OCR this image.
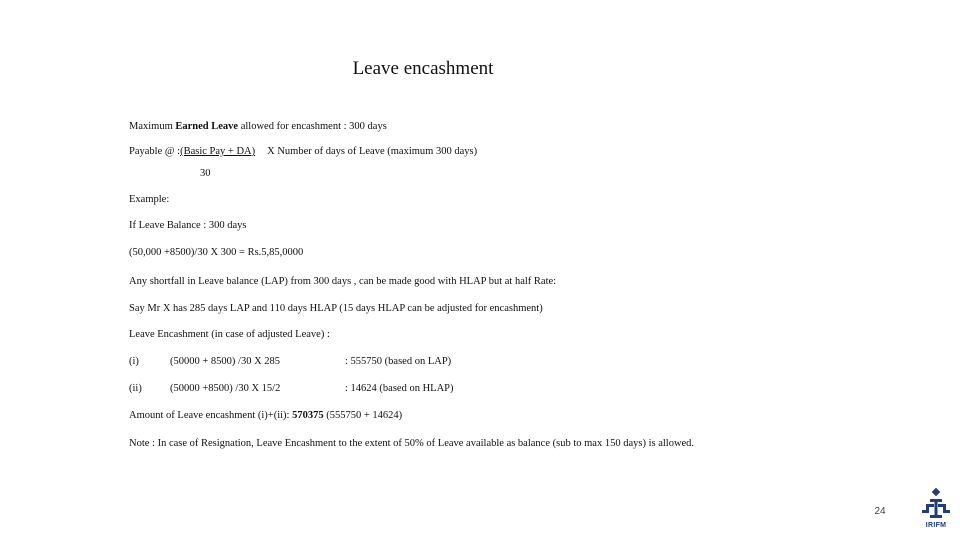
Leave encashment
Maximum Earned Leave allowed for encashment : 300 days
Payable @ :(Basic Pay + DA) X Number of days of Leave (maximum 300 days)
30
Example:
If Leave Balance : 300 days
(50,000 +8500)/30 X 300 = Rs.5,85,0000
Any shortfall in Leave balance (LAP) from 300 days , can be made good with HLAP but at half Rate:
Say Mr X has 285 days LAP and 110 days HLAP (15 days HLAP can be adjusted for encashment)
Leave Encashment (in case of adjusted Leave) :
(i)	(50000 + 8500) /30 X 285	: 555750 (based on LAP)
(ii)	(50000 +8500) /30 X 15/2	: 14624 (based on HLAP)
Amount of Leave encashment (i)+(ii): 570375 (555750 + 14624)
Note : In case of Resignation, Leave Encashment to the extent of 50% of Leave available as balance (sub to max 150 days) is allowed.
24
IRIFM
